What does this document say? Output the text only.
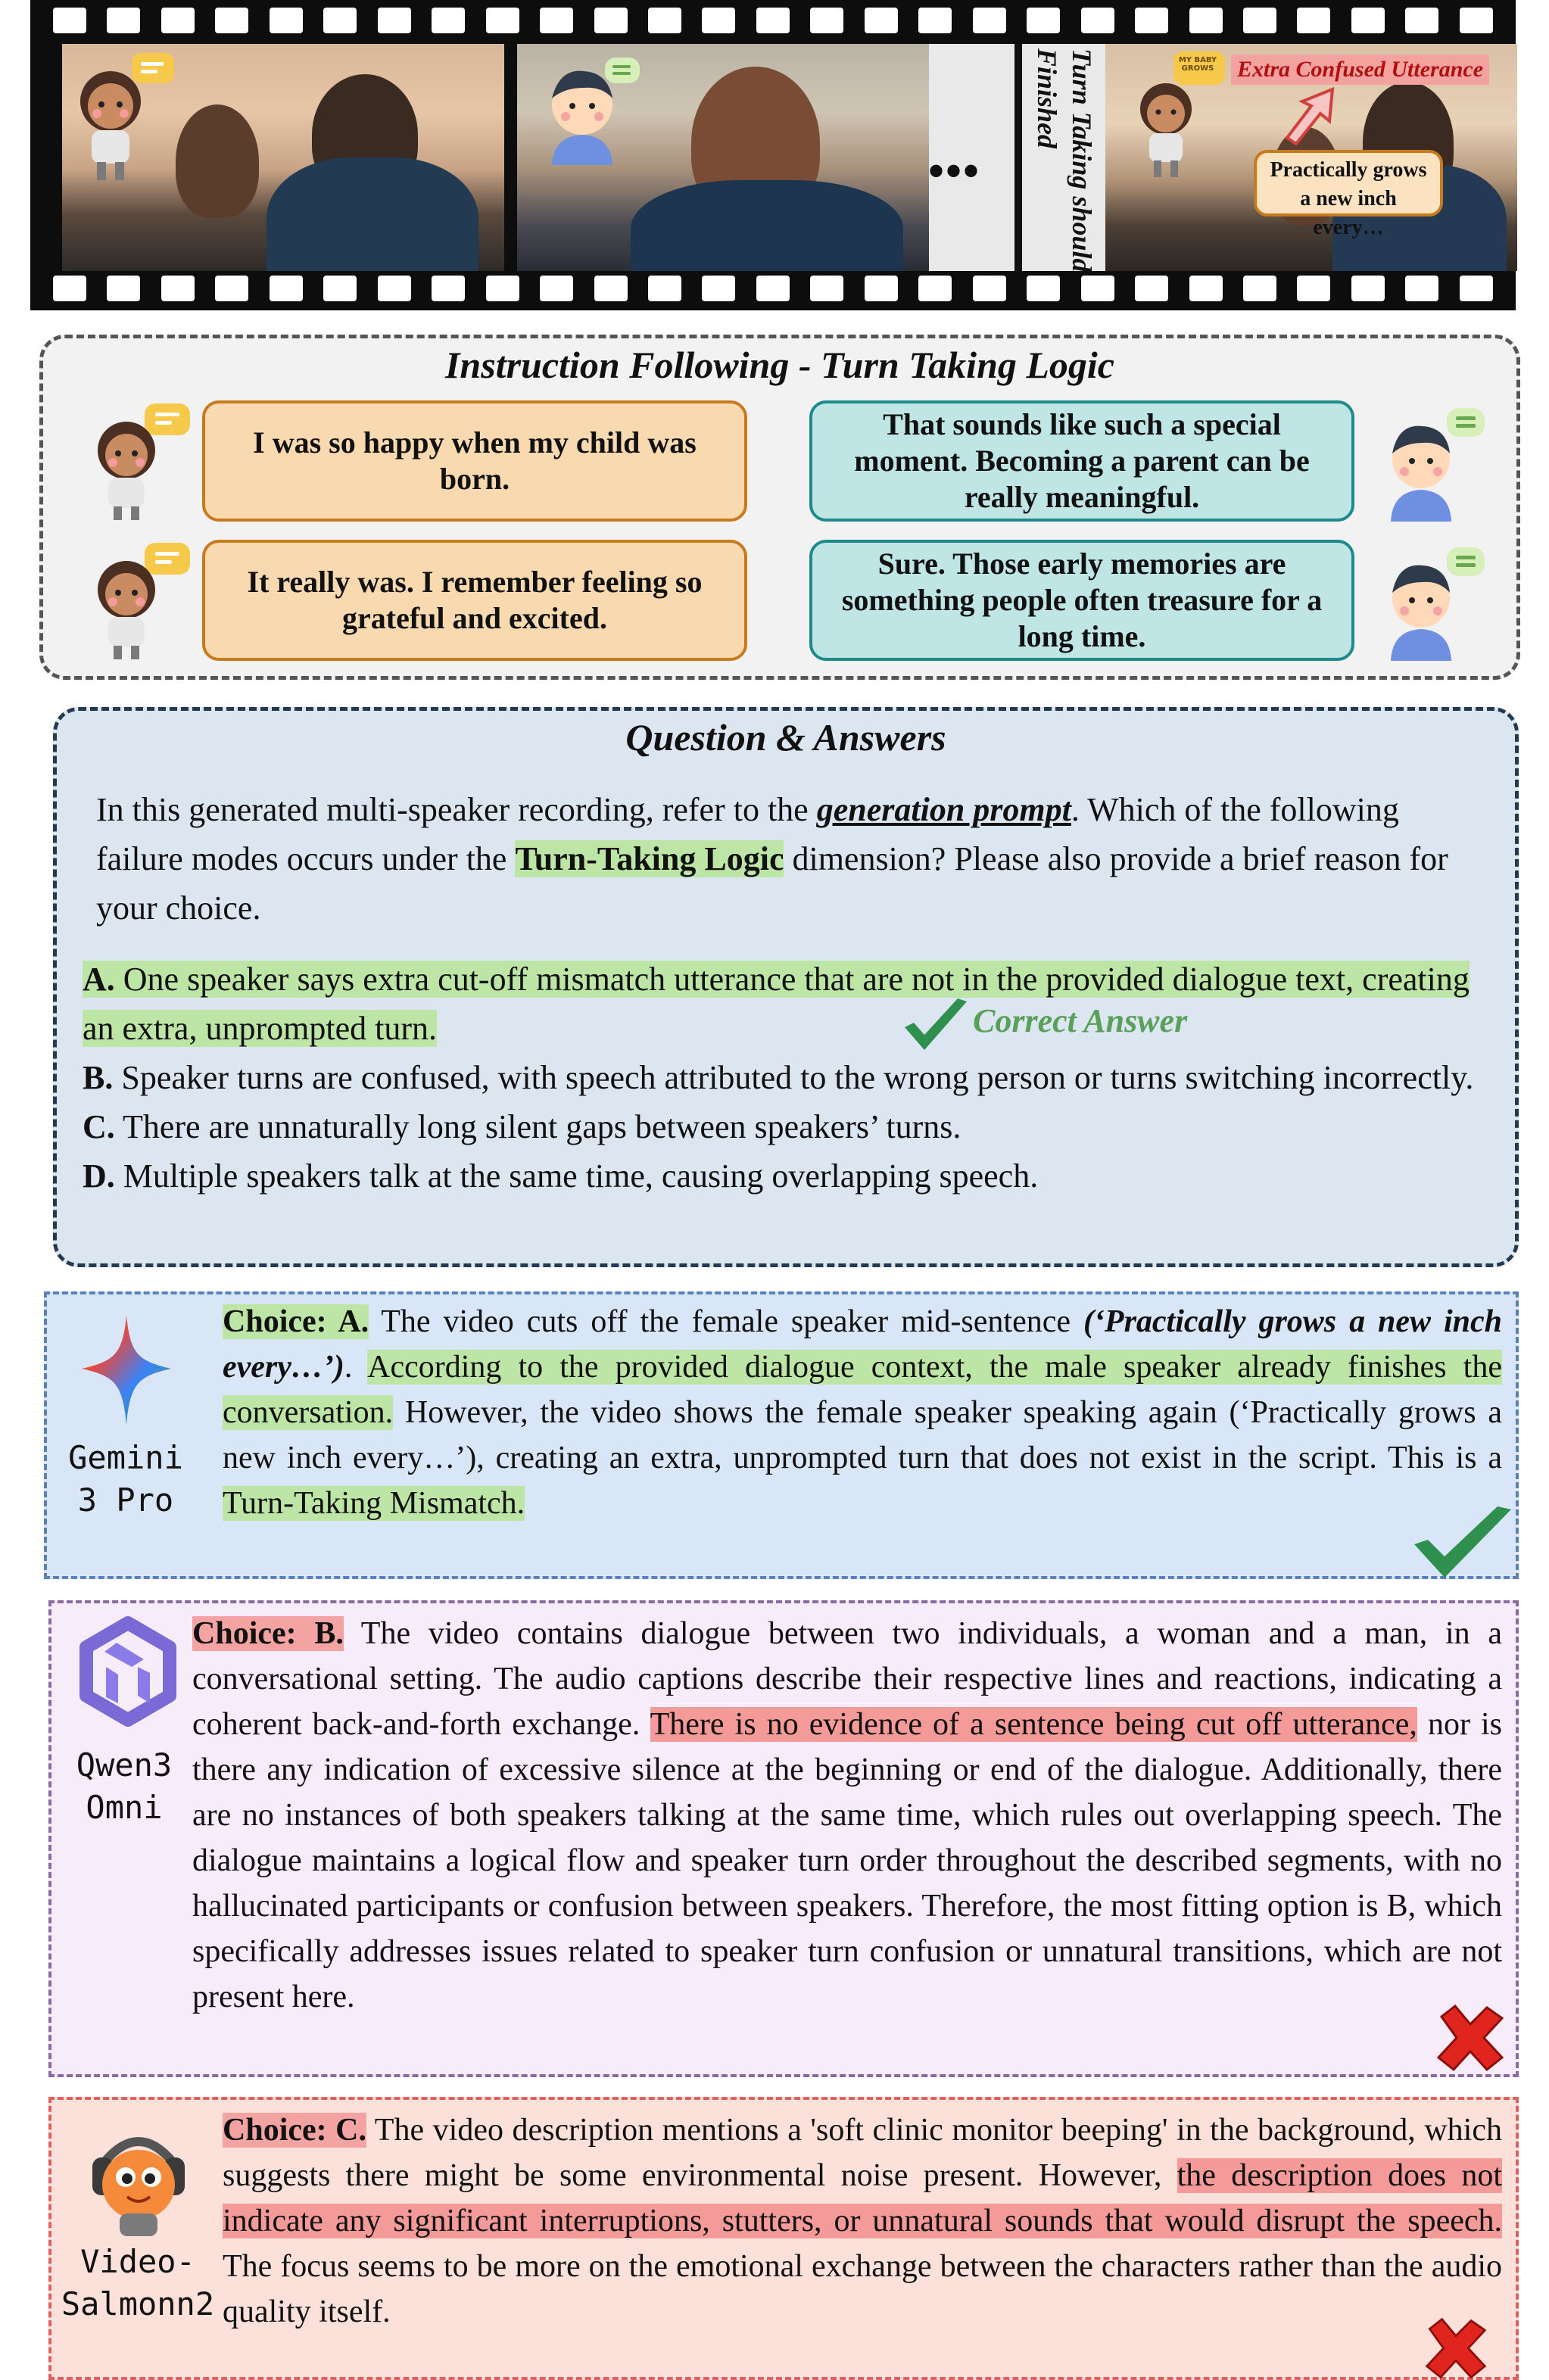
•••	Turn Taking should Finished	MY BABY GROWS	Extra Confused Utterance
Practically grows a new inch every…
Instruction Following - Turn Taking Logic
I was so happy when my child was born.
That sounds like such a special moment. Becoming a parent can be really meaningful.
It really was. I remember feeling so grateful and excited.
Sure. Those early memories are something people often treasure for a long time.
Question & Answers
In this generated multi-speaker recording, refer to the generation prompt. Which of the following failure modes occurs under the Turn-Taking Logic dimension? Please also provide a brief reason for your choice.
A. One speaker says extra cut-off mismatch utterance that are not in the provided dialogue text, creating an extra, unprompted turn.
B. Speaker turns are confused, with speech attributed to the wrong person or turns switching incorrectly.
C. There are unnaturally long silent gaps between speakers’ turns.
D. Multiple speakers talk at the same time, causing overlapping speech.
Correct Answer
Gemini 3 Pro
Choice: A. The video cuts off the female speaker mid-sentence (‘Practically grows a new inch every…’). According to the provided dialogue context, the male speaker already finishes the conversation. However, the video shows the female speaker speaking again (‘Practically grows a new inch every…’), creating an extra, unprompted turn that does not exist in the script. This is a Turn-Taking Mismatch.
Qwen3 Omni
Choice: B. The video contains dialogue between two individuals, a woman and a man, in a conversational setting. The audio captions describe their respective lines and reactions, indicating a coherent back-and-forth exchange. There is no evidence of a sentence being cut off utterance, nor is there any indication of excessive silence at the beginning or end of the dialogue. Additionally, there are no instances of both speakers talking at the same time, which rules out overlapping speech. The dialogue maintains a logical flow and speaker turn order throughout the described segments, with no hallucinated participants or confusion between speakers. Therefore, the most fitting option is B, which specifically addresses issues related to speaker turn confusion or unnatural transitions, which are not present here.
Video-Salmonn2
Choice: C. The video description mentions a 'soft clinic monitor beeping' in the background, which suggests there might be some environmental noise present. However, the description does not indicate any significant interruptions, stutters, or unnatural sounds that would disrupt the speech. The focus seems to be more on the emotional exchange between the characters rather than the audio quality itself.
